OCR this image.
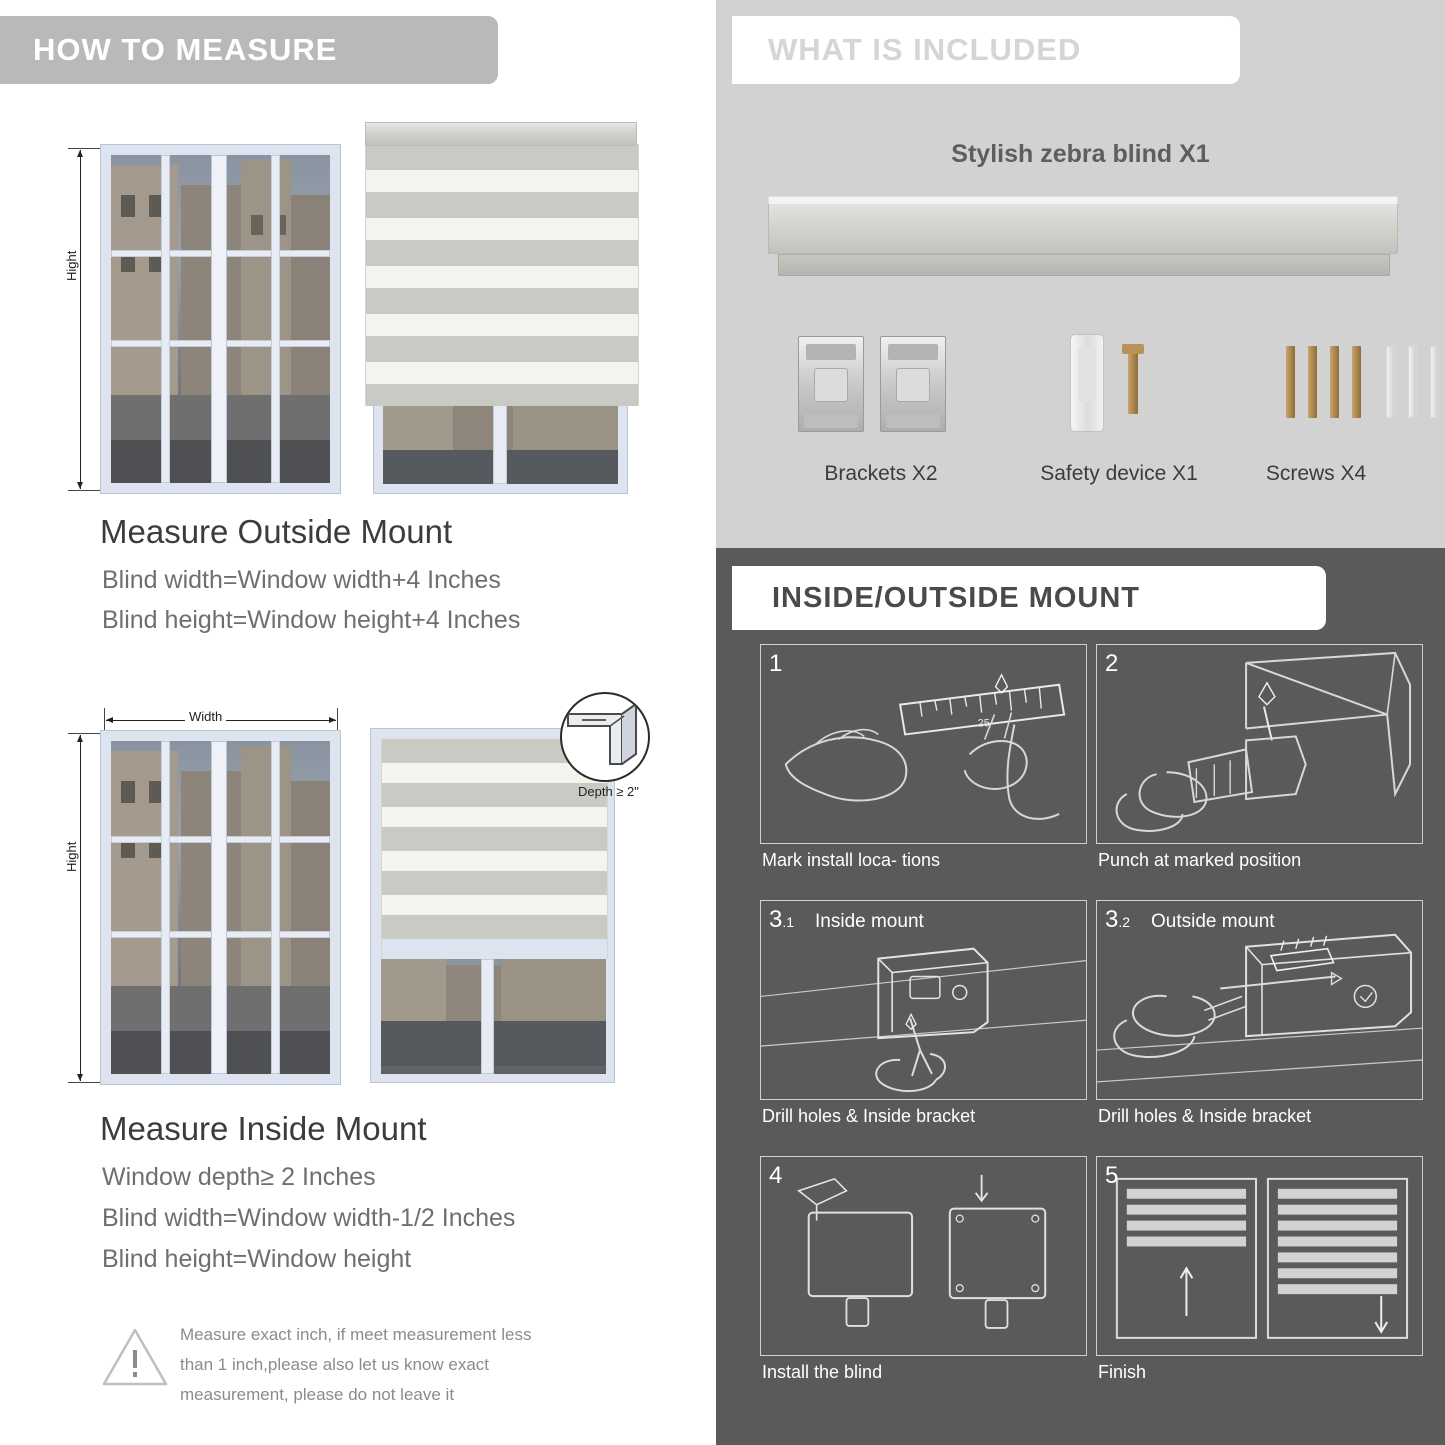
HOW TO MEASURE
Hight
Measure Outside Mount
Blind width=Window width+4 Inches
Blind height=Window height+4 Inches
Width
Hight
Depth ≥ 2"
Measure Inside Mount
Window depth≥ 2 Inches
Blind width=Window width-1/2 Inches
Blind height=Window height
Measure exact inch, if meet measurement less
than 1 inch,please also let us know exact
measurement, please do not leave it
WHAT IS INCLUDED
Stylish zebra blind X1
Brackets X2	Safety device X1	Screws X4
INSIDE/OUTSIDE MOUNT
25
1
Mark install loca- tions
2
Punch at marked position
3.1 Inside mount
Drill holes & Inside bracket
3.2 Outside mount
Drill holes & Inside bracket
4
Install the blind
5
Finish
